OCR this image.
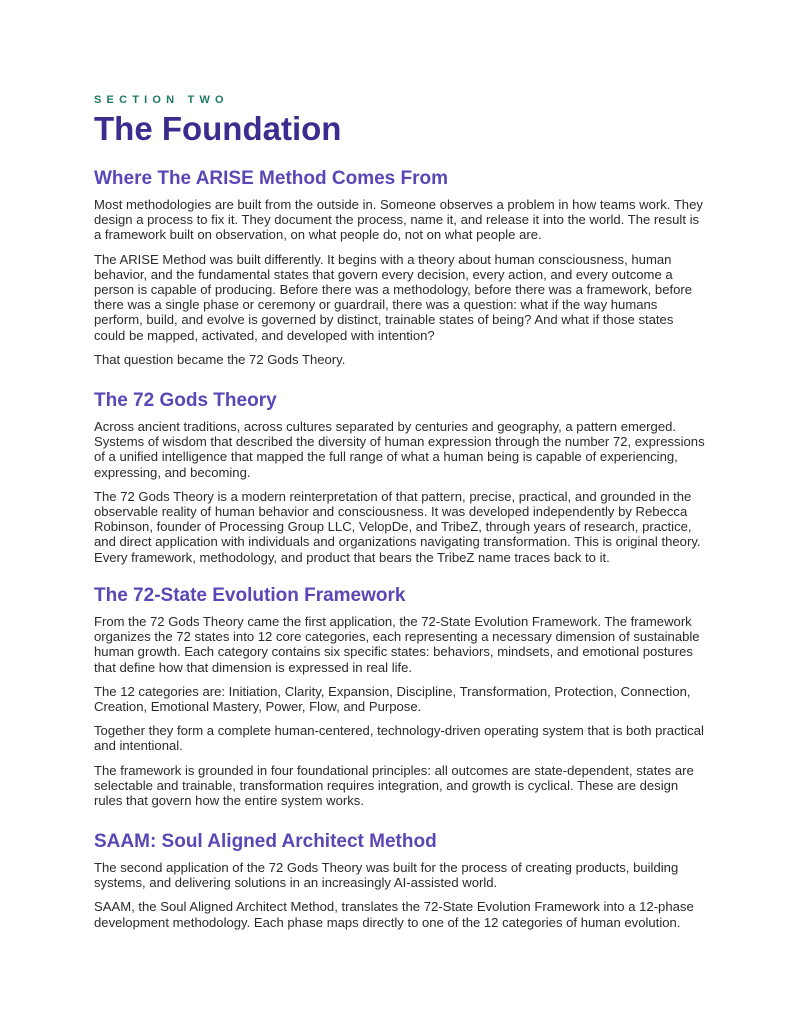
SECTION TWO
The Foundation
Where The ARISE Method Comes From

Most methodologies are built from the outside in. Someone observes a problem in how teams work. They design a process to fix it. They document the process, name it, and release it into the world. The result is a framework built on observation, on what people do, not on what people are.

The ARISE Method was built differently. It begins with a theory about human consciousness, human behavior, and the fundamental states that govern every decision, every action, and every outcome a person is capable of producing. Before there was a methodology, before there was a framework, before there was a single phase or ceremony or guardrail, there was a question: what if the way humans perform, build, and evolve is governed by distinct, trainable states of being? And what if those states could be mapped, activated, and developed with intention?

That question became the 72 Gods Theory.

The 72 Gods Theory

Across ancient traditions, across cultures separated by centuries and geography, a pattern emerged. Systems of wisdom that described the diversity of human expression through the number 72, expressions of a unified intelligence that mapped the full range of what a human being is capable of experiencing, expressing, and becoming.

The 72 Gods Theory is a modern reinterpretation of that pattern, precise, practical, and grounded in the observable reality of human behavior and consciousness. It was developed independently by Rebecca Robinson, founder of Processing Group LLC, VelopDe, and TribeZ, through years of research, practice, and direct application with individuals and organizations navigating transformation. This is original theory. Every framework, methodology, and product that bears the TribeZ name traces back to it.

The 72-State Evolution Framework

From the 72 Gods Theory came the first application, the 72-State Evolution Framework. The framework organizes the 72 states into 12 core categories, each representing a necessary dimension of sustainable human growth. Each category contains six specific states: behaviors, mindsets, and emotional postures that define how that dimension is expressed in real life.

The 12 categories are: Initiation, Clarity, Expansion, Discipline, Transformation, Protection, Connection, Creation, Emotional Mastery, Power, Flow, and Purpose.

Together they form a complete human-centered, technology-driven operating system that is both practical and intentional.

The framework is grounded in four foundational principles: all outcomes are state-dependent, states are selectable and trainable, transformation requires integration, and growth is cyclical. These are design rules that govern how the entire system works.

SAAM: Soul Aligned Architect Method

The second application of the 72 Gods Theory was built for the process of creating products, building systems, and delivering solutions in an increasingly AI-assisted world.

SAAM, the Soul Aligned Architect Method, translates the 72-State Evolution Framework into a 12-phase development methodology. Each phase maps directly to one of the 12 categories of human evolution.
